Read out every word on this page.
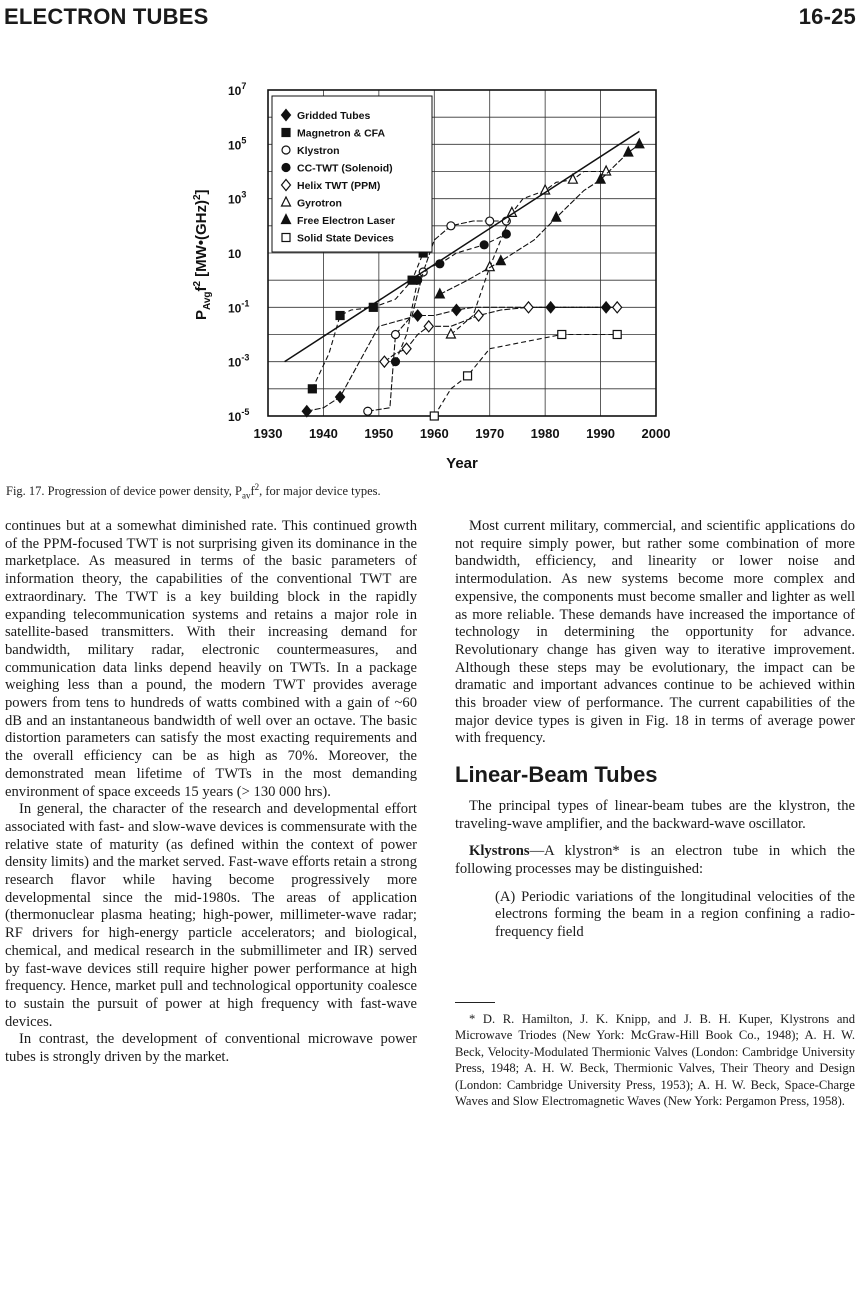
ELECTRON TUBES	16-25
$10^7$
$10^5$
$10^3$
10
$10^{-1}$
$10^{-3}$
$10^{-5}$
1930 1940 1950 1960 1970 1980 1990 2000
$P_{Avg}f^2[MW•(GHz)^2]$
Year
Gridded Tubes
Magnetron & CFA
Klystron
CC-TWT (Solenoid)
Helix TWT (PPM)
Gyrotron
Free Electron Laser
Solid State Devices
Fig. 17. Progression of device power density, $P_{av}f^2$, for major device types.

continues but at a somewhat diminished rate. This continued growth of the PPM-focused TWT is not surprising given its dominance in the marketplace. As measured in terms of the basic parameters of information theory, the capabilities of the conventional TWT are extraordinary. The TWT is a key building block in the rapidly expanding telecommunication systems and retains a major role in satellite-based transmitters. With their increasing demand for bandwidth, military radar, electronic countermeasures, and communication data links depend heavily on TWTs. In a package weighing less than a pound, the modern TWT provides average powers from tens to hundreds of watts combined with a gain of ~60 dB and an instantaneous bandwidth of well over an octave. The basic distortion parameters can satisfy the most exacting requirements and the overall efficiency can be as high as 70%. Moreover, the demonstrated mean lifetime of TWTs in the most demanding environment of space exceeds 15 years (> 130 000 hrs).

In general, the character of the research and developmental effort associated with fast- and slow-wave devices is commensurate with the relative state of maturity (as defined within the context of power density limits) and the market served. Fast-wave efforts retain a strong research flavor while having become progressively more developmental since the mid-1980s. The areas of application (thermonuclear plasma heating; high-power, millimeter-wave radar; RF drivers for high-energy particle accelerators; and biological, chemical, and medical research in the submillimeter and IR) served by fast-wave devices still require higher power performance at high frequency. Hence, market pull and technological opportunity coalesce to sustain the pursuit of power at high frequency with fast-wave devices.

In contrast, the development of conventional microwave power tubes is strongly driven by the market.

Most current military, commercial, and scientific applications do not require simply power, but rather some combination of more bandwidth, efficiency, and linearity or lower noise and intermodulation. As new systems become more complex and expensive, the components must become smaller and lighter as well as more reliable. These demands have increased the importance of technology in determining the opportunity for advance. Revolutionary change has given way to iterative improvement. Although these steps may be evolutionary, the impact can be dramatic and important advances continue to be achieved within this broader view of performance. The current capabilities of the major device types is given in Fig. 18 in terms of average power with frequency.

Linear-Beam Tubes

The principal types of linear-beam tubes are the klystron, the traveling-wave amplifier, and the backward-wave oscillator.

Klystrons—A klystron* is an electron tube in which the following processes may be distinguished:

(A) Periodic variations of the longitudinal velocities of the electrons forming the beam in a region confining a radio-frequency field

* D. R. Hamilton, J. K. Knipp, and J. B. H. Kuper, Klystrons and Microwave Triodes (New York: McGraw-Hill Book Co., 1948); A. H. W. Beck, Velocity-Modulated Thermionic Valves (London: Cambridge University Press, 1948; A. H. W. Beck, Thermionic Valves, Their Theory and Design (London: Cambridge University Press, 1953); A. H. W. Beck, Space-Charge Waves and Slow Electromagnetic Waves (New York: Pergamon Press, 1958).
